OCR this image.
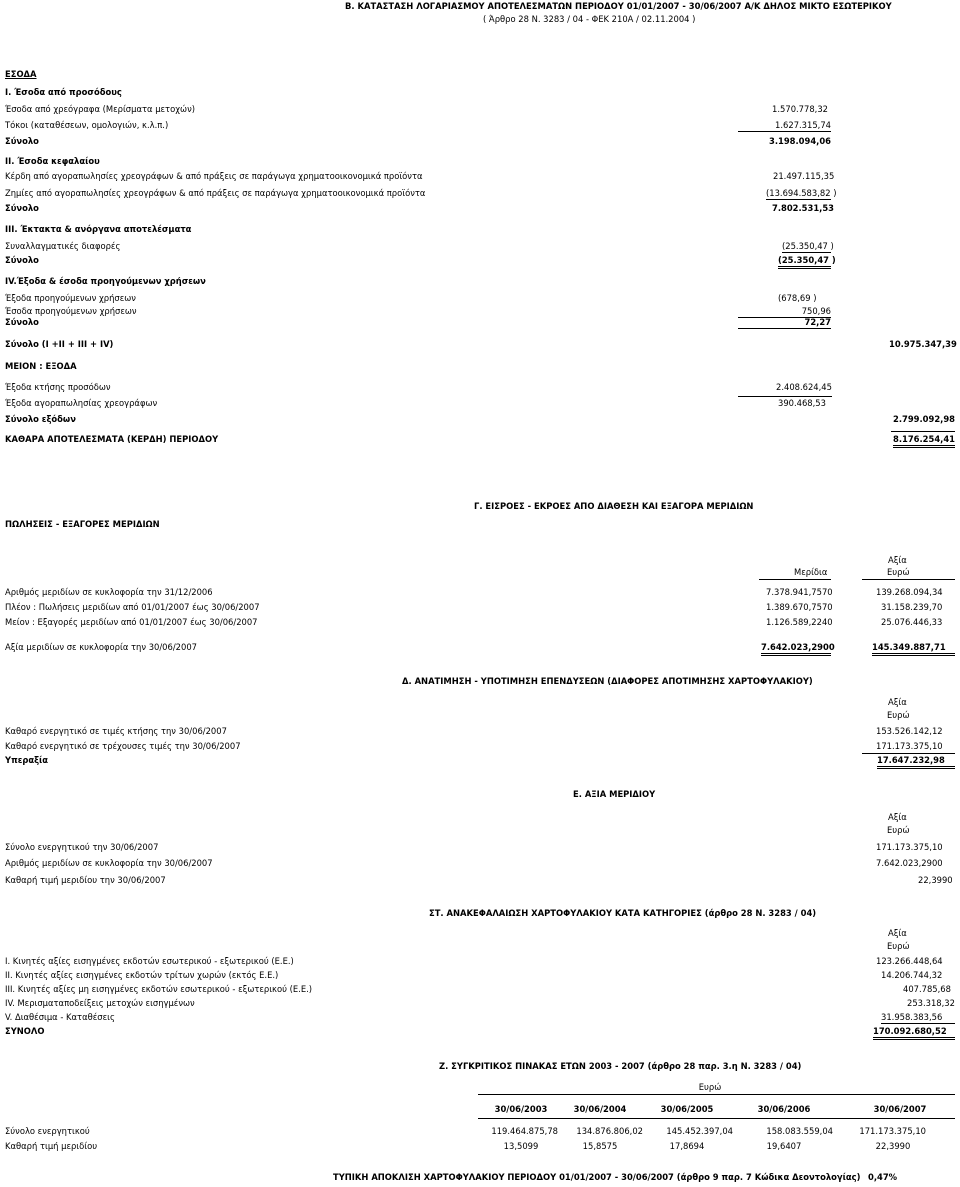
Β. ΚΑΤΑΣΤΑΣΗ ΛΟΓΑΡΙΑΣΜΟΥ ΑΠΟΤΕΛΕΣΜΑΤΩΝ ΠΕΡΙΟΔΟΥ 01/01/2007 - 30/06/2007 Α/Κ ΔΗΛΟΣ ΜΙΚΤΟ ΕΣΩΤΕΡΙΚΟΥ
( Άρθρο 28 Ν. 3283 / 04 - ΦΕΚ 210Α / 02.11.2004 )
ΕΣΟΔΑ
Ι. Έσοδα από προσόδους
Έσοδα από χρεόγραφα (Μερίσματα μετοχών)	1.570.778,32
Τόκοι (καταθέσεων, ομολογιών, κ.λ.π.)	1.627.315,74
Σύνολο	3.198.094,06
ΙΙ. Έσοδα κεφαλαίου
Κέρδη από αγοραπωλησίες χρεογράφων & από πράξεις σε παράγωγα χρηματοοικονομικά προϊόντα	21.497.115,35
Ζημίες από αγοραπωλησίες χρεογράφων & από πράξεις σε παράγωγα χρηματοοικονομικά προϊόντα	(13.694.583,82 )
Σύνολο	7.802.531,53
ΙΙΙ. Έκτακτα & ανόργανα αποτελέσματα
Συναλλαγματικές διαφορές	(25.350,47 )
Σύνολο	(25.350,47 )
ΙV.Έξοδα & έσοδα προηγούμενων χρήσεων
Έξοδα προηγούμενων χρήσεων	(678,69 )
Έσοδα προηγούμενων χρήσεων	750,96
Σύνολο	72,27
Σύνολο (Ι +ΙΙ + ΙΙΙ + ΙV)	10.975.347,39
ΜΕΙΟΝ : ΕΞΟΔΑ
Έξοδα κτήσης προσόδων	2.408.624,45
Έξοδα αγοραπωλησίας χρεογράφων	390.468,53
Σύνολο εξόδων	2.799.092,98
ΚΑΘΑΡΑ ΑΠΟΤΕΛΕΣΜΑΤΑ (ΚΕΡΔΗ) ΠΕΡΙΟΔΟΥ	8.176.254,41
Γ. ΕΙΣΡΟΕΣ - ΕΚΡΟΕΣ ΑΠΟ ΔΙΑΘΕΣΗ ΚΑΙ ΕΞΑΓΟΡΑ ΜΕΡΙΔΙΩΝ
ΠΩΛΗΣΕΙΣ - ΕΞΑΓΟΡΕΣ ΜΕΡΙΔΙΩΝ
Αξία
Μερίδια	Ευρώ
Αριθμός μεριδίων σε κυκλοφορία την 31/12/2006	7.378.941,7570	139.268.094,34
Πλέον : Πωλήσεις μεριδίων από 01/01/2007 έως 30/06/2007	1.389.670,7570	31.158.239,70
Μείον : Εξαγορές μεριδίων από 01/01/2007 έως 30/06/2007	1.126.589,2240	25.076.446,33
Αξία μεριδίων σε κυκλοφορία την 30/06/2007	7.642.023,2900	145.349.887,71
Δ. ΑΝΑΤΙΜΗΣΗ - ΥΠΟΤΙΜΗΣΗ ΕΠΕΝΔΥΣΕΩΝ (ΔΙΑΦΟΡΕΣ ΑΠΟΤΙΜΗΣΗΣ ΧΑΡΤΟΦΥΛΑΚΙΟΥ)
Αξία
Ευρώ
Καθαρό ενεργητικό σε τιμές κτήσης την 30/06/2007	153.526.142,12
Καθαρό ενεργητικό σε τρέχουσες τιμές την 30/06/2007	171.173.375,10
Υπεραξία	17.647.232,98
Ε. ΑΞΙΑ ΜΕΡΙΔΙΟΥ
Αξία
Ευρώ
Σύνολο ενεργητικού την 30/06/2007	171.173.375,10
Αριθμός μεριδίων σε κυκλοφορία την 30/06/2007	7.642.023,2900
Καθαρή τιμή μεριδίου την 30/06/2007	22,3990
ΣΤ. ΑΝΑΚΕΦΑΛΑΙΩΣΗ ΧΑΡΤΟΦΥΛΑΚΙΟΥ ΚΑΤΑ ΚΑΤΗΓΟΡΙΕΣ (άρθρο 28 Ν. 3283 / 04)
Αξία
Ευρώ
Ι. Κινητές αξίες εισηγμένες εκδοτών εσωτερικού - εξωτερικού (Ε.Ε.)	123.266.448,64
ΙΙ. Κινητές αξίες εισηγμένες εκδοτών τρίτων χωρών (εκτός Ε.Ε.)	14.206.744,32
ΙΙΙ. Κινητές αξίες μη εισηγμένες εκδοτών εσωτερικού - εξωτερικού (Ε.Ε.)	407.785,68
ΙV. Μερισματαποδείξεις μετοχών εισηγμένων	253.318,32
V. Διαθέσιμα - Καταθέσεις	31.958.383,56
ΣΥΝΟΛΟ	170.092.680,52
Ζ. ΣΥΓΚΡΙΤΙΚΟΣ ΠΙΝΑΚΑΣ ΕΤΩΝ 2003 - 2007 (άρθρο 28 παρ. 3.η Ν. 3283 / 04)
Ευρώ
30/06/2003	30/06/2004	30/06/2005	30/06/2006	30/06/2007
Σύνολο ενεργητικού	119.464.875,78	134.876.806,02	145.452.397,04	158.083.559,04	171.173.375,10
Καθαρή τιμή μεριδίου	13,5099	15,8575	17,8694	19,6407	22,3990
ΤΥΠΙΚΗ ΑΠΟΚΛΙΣΗ ΧΑΡΤΟΦΥΛΑΚΙΟΥ ΠΕΡΙΟΔΟΥ 01/01/2007 - 30/06/2007 (άρθρο 9 παρ. 7 Κώδικα Δεοντολογίας) 0,47%
